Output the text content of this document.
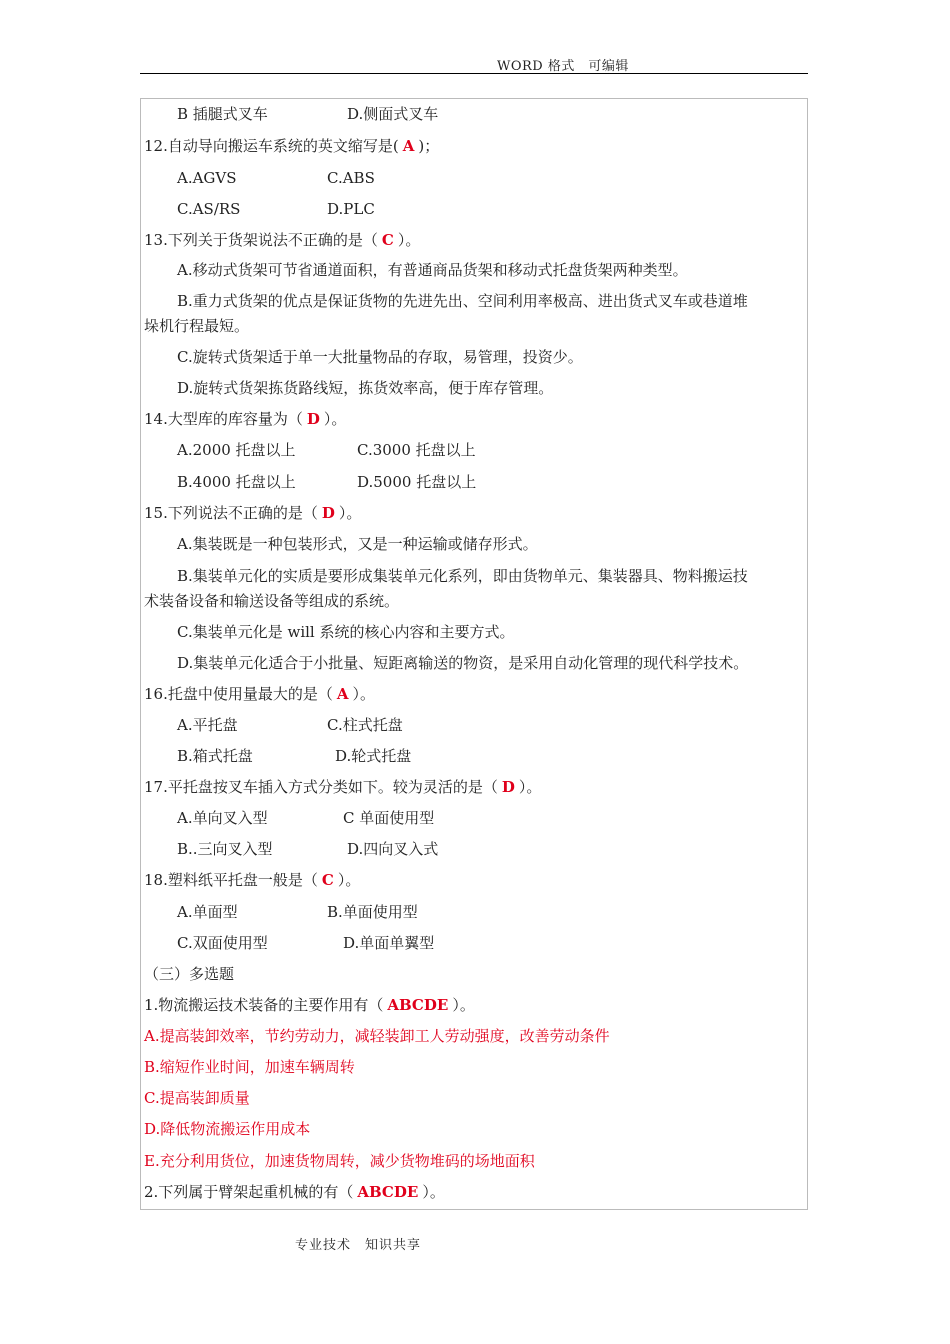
WORD 格式　可编辑
B 插腿式叉车	D.侧面式叉车
12.自动导向搬运车系统的英文缩写是( A )；
A.AGVS	C.ABS
C.AS/RS	D.PLC
13.下列关于货架说法不正确的是（ C ）。
A.移动式货架可节省通道面积，有普通商品货架和移动式托盘货架两种类型。
B.重力式货架的优点是保证货物的先进先出、空间利用率极高、进出货式叉车或巷道堆
垛机行程最短。
C.旋转式货架适于单一大批量物品的存取，易管理，投资少。
D.旋转式货架拣货路线短，拣货效率高，便于库存管理。
14.大型库的库容量为（ D ）。
A.2000 托盘以上	C.3000 托盘以上
B.4000 托盘以上	D.5000 托盘以上
15.下列说法不正确的是（ D ）。
A.集装既是一种包装形式，又是一种运输或储存形式。
B.集装单元化的实质是要形成集装单元化系列，即由货物单元、集装器具、物料搬运技
术装备设备和输送设备等组成的系统。
C.集装单元化是 will 系统的核心内容和主要方式。
D.集装单元化适合于小批量、短距离输送的物资，是采用自动化管理的现代科学技术。
16.托盘中使用量最大的是（ A ）。
A.平托盘	C.柱式托盘
B.箱式托盘	D.轮式托盘
17.平托盘按叉车插入方式分类如下。较为灵活的是（ D ）。
A.单向叉入型	C 单面使用型
B..三向叉入型	D.四向叉入式
18.塑料纸平托盘一般是（ C ）。
A.单面型	B.单面使用型
C.双面使用型	D.单面单翼型
（三）多选题
1.物流搬运技术装备的主要作用有（ ABCDE ）。
A.提高装卸效率，节约劳动力，减轻装卸工人劳动强度，改善劳动条件
B.缩短作业时间，加速车辆周转
C.提高装卸质量
D.降低物流搬运作用成本
E.充分利用货位，加速货物周转，减少货物堆码的场地面积
2.下列属于臂架起重机械的有（ ABCDE ）。
专业技术 知识共享
